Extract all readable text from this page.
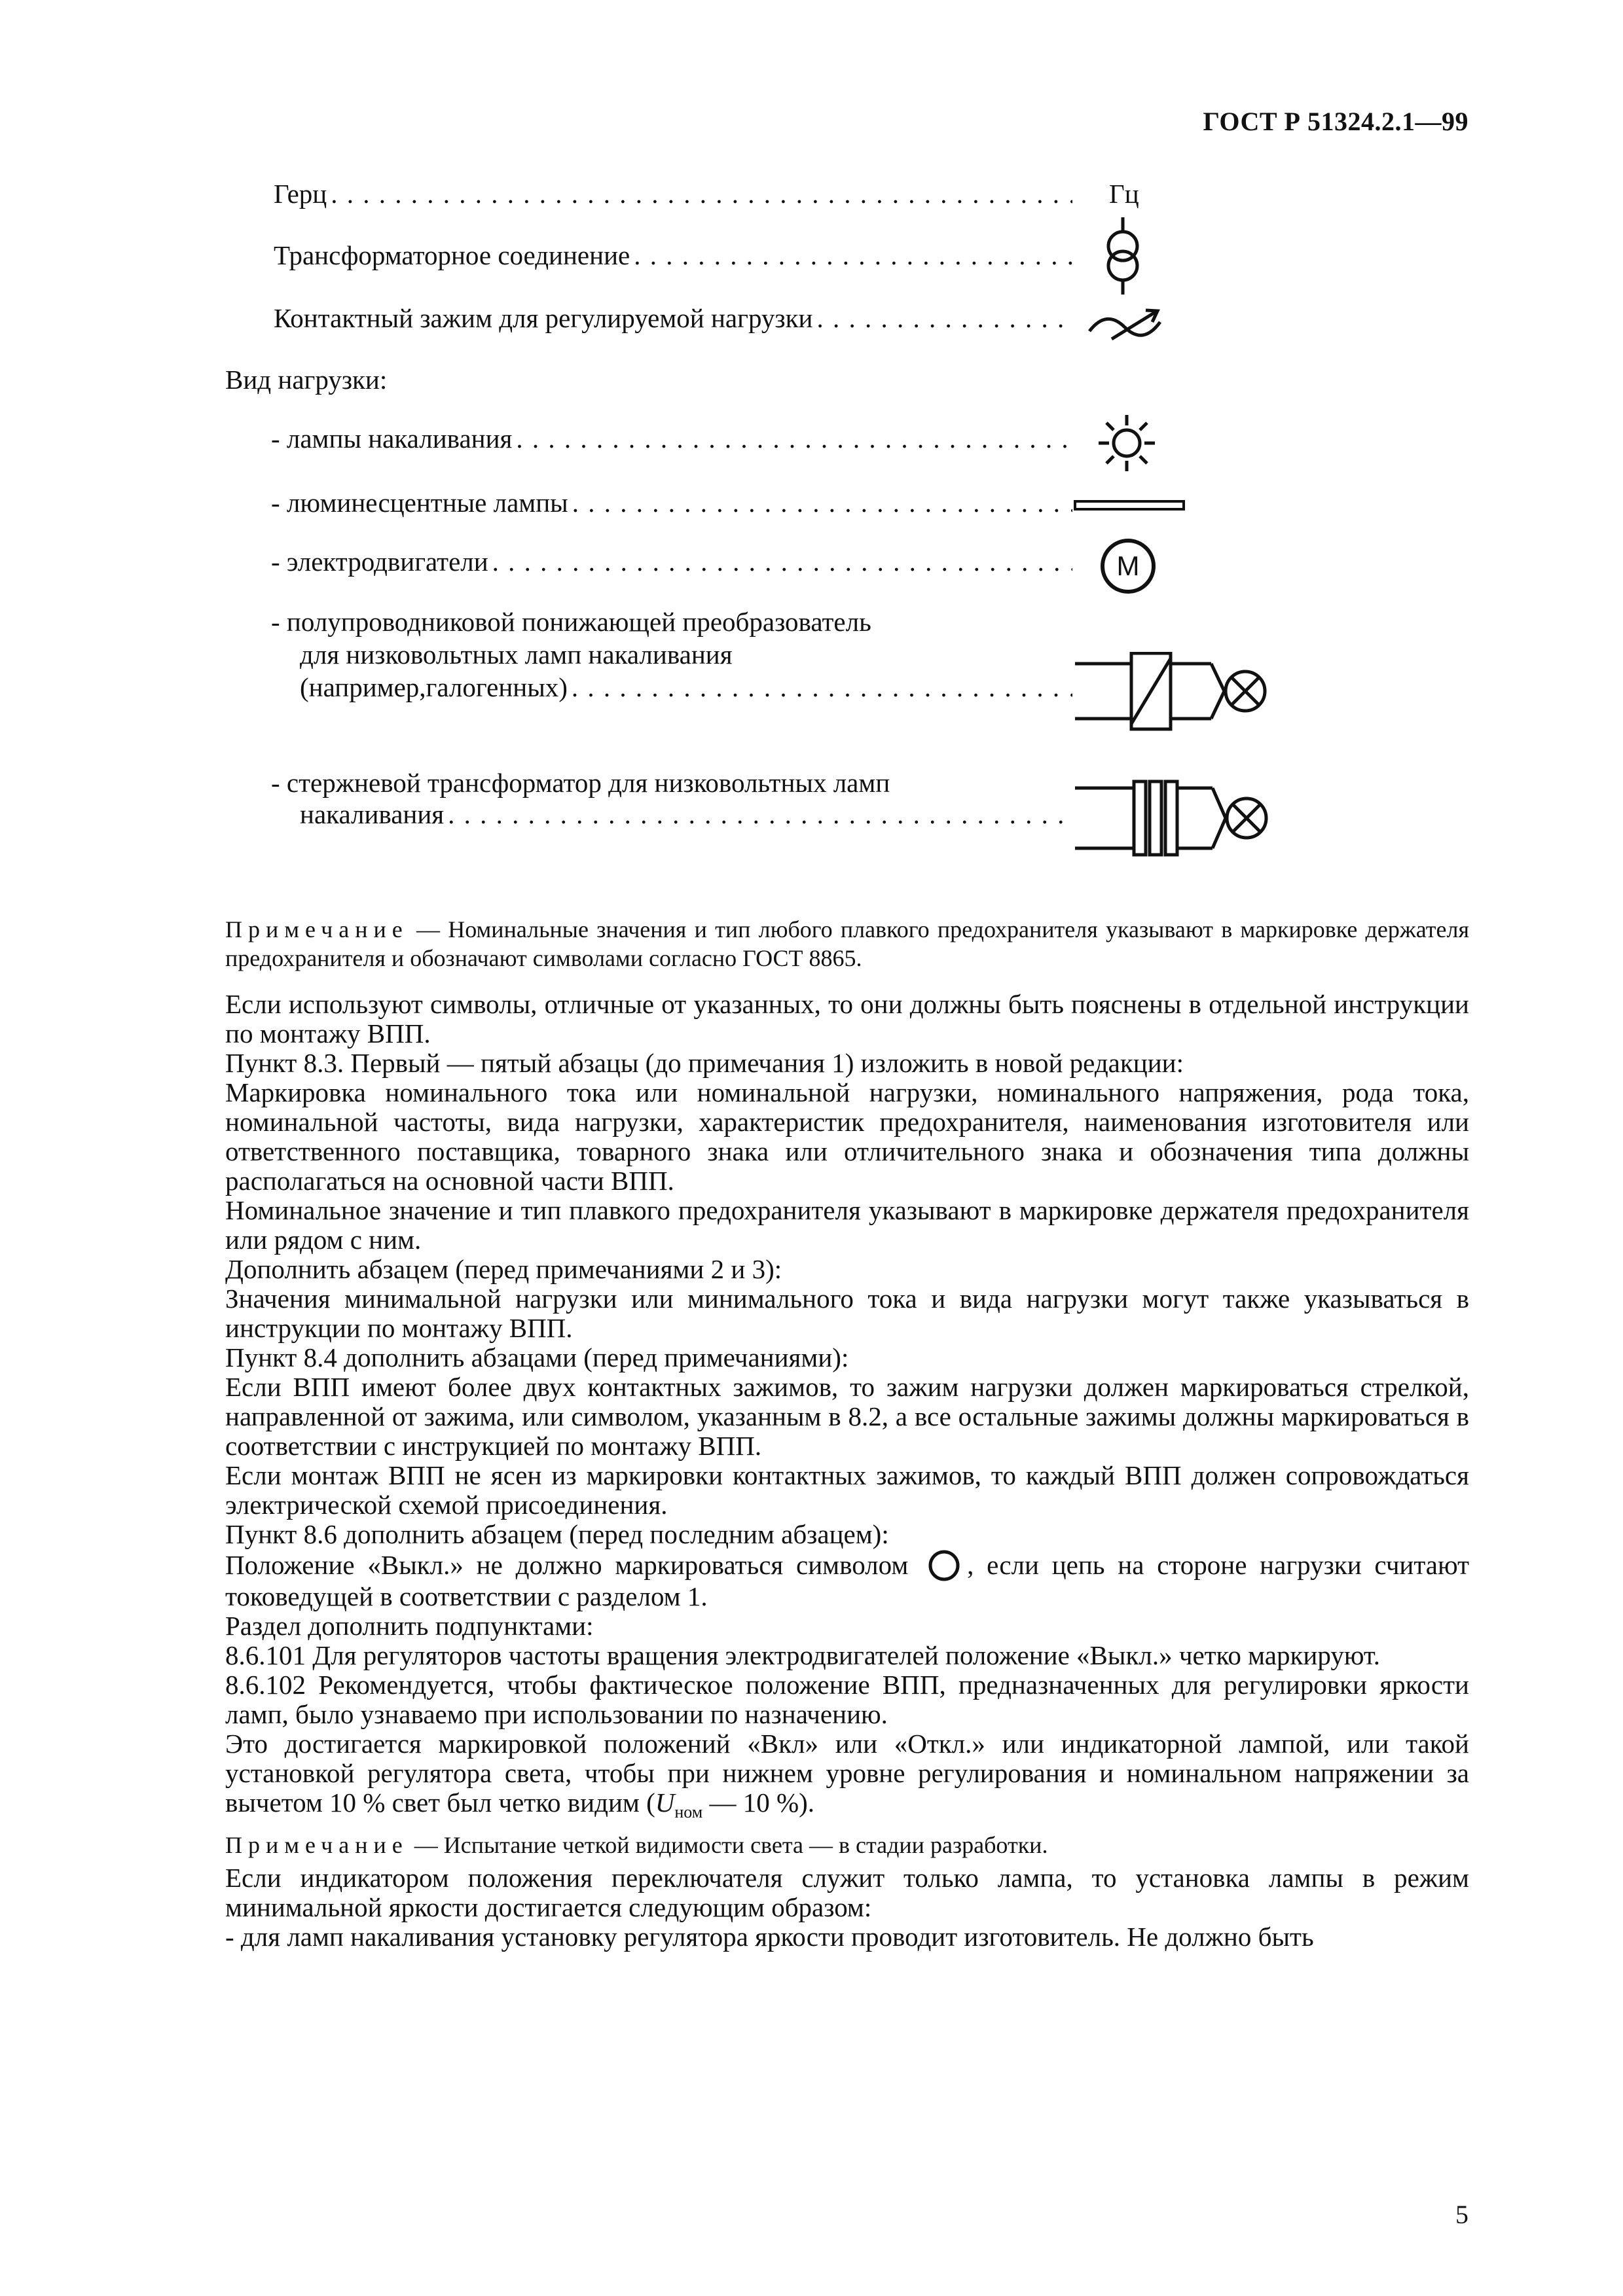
ГОСТ Р 51324.2.1—99
Герц . . .	Гц
Трансформаторное соединение
. . .
Контактный зажим для регулируемой нагрузки
. . .
Вид нагрузки:
- лампы накаливания
. . .
- люминесцентные лампы
. . .
- электродвигатели . . .	M
- полупроводниковой понижающей преобразователь
для низковольтных ламп накаливания
(например,галогенных)
. . .
- стержневой трансформатор для низковольтных ламп
накаливания
. . .
Примечание — Номинальные значения и тип любого плавкого предохранителя указывают в маркировке держателя предохранителя и обозначают символами согласно ГОСТ 8865.

Если используют символы, отличные от указанных, то они должны быть пояснены в отдельной инструкции по монтажу ВПП.

Пункт 8.3. Первый — пятый абзацы (до примечания 1) изложить в новой редакции:

Маркировка номинального тока или номинальной нагрузки, номинального напряжения, рода тока, номинальной частоты, вида нагрузки, характеристик предохранителя, наименования изготовителя или ответственного поставщика, товарного знака или отличительного знака и обозначения типа должны располагаться на основной части ВПП.

Номинальное значение и тип плавкого предохранителя указывают в маркировке держателя предохранителя или рядом с ним.

Дополнить абзацем (перед примечаниями 2 и 3):

Значения минимальной нагрузки или минимального тока и вида нагрузки могут также указываться в инструкции по монтажу ВПП.

Пункт 8.4 дополнить абзацами (перед примечаниями):

Если ВПП имеют более двух контактных зажимов, то зажим нагрузки должен маркироваться стрелкой, направленной от зажима, или символом, указанным в 8.2, а все остальные зажимы должны маркироваться в соответствии с инструкцией по монтажу ВПП.

Если монтаж ВПП не ясен из маркировки контактных зажимов, то каждый ВПП должен сопровождаться электрической схемой присоединения.

Пункт 8.6 дополнить абзацем (перед последним абзацем):

Положение «Выкл.» не должно маркироваться символом , если цепь на стороне нагрузки считают токоведущей в соответствии с разделом 1.

Раздел дополнить подпунктами:

8.6.101 Для регуляторов частоты вращения электродвигателей положение «Выкл.» четко маркируют.

8.6.102 Рекомендуется, чтобы фактическое положение ВПП, предназначенных для регулировки яркости ламп, было узнаваемо при использовании по назначению.

Это достигается маркировкой положений «Вкл» или «Откл.» или индикаторной лампой, или такой установкой регулятора света, чтобы при нижнем уровне регулирования и номинальном напряжении за вычетом 10 % свет был четко видим ($U_{ном}$ — 10 %).

Примечание — Испытание четкой видимости света — в стадии разработки.

Если индикатором положения переключателя служит только лампа, то установка лампы в режим минимальной яркости достигается следующим образом:

- для ламп накаливания установку регулятора яркости проводит изготовитель. Не должно быть

5
